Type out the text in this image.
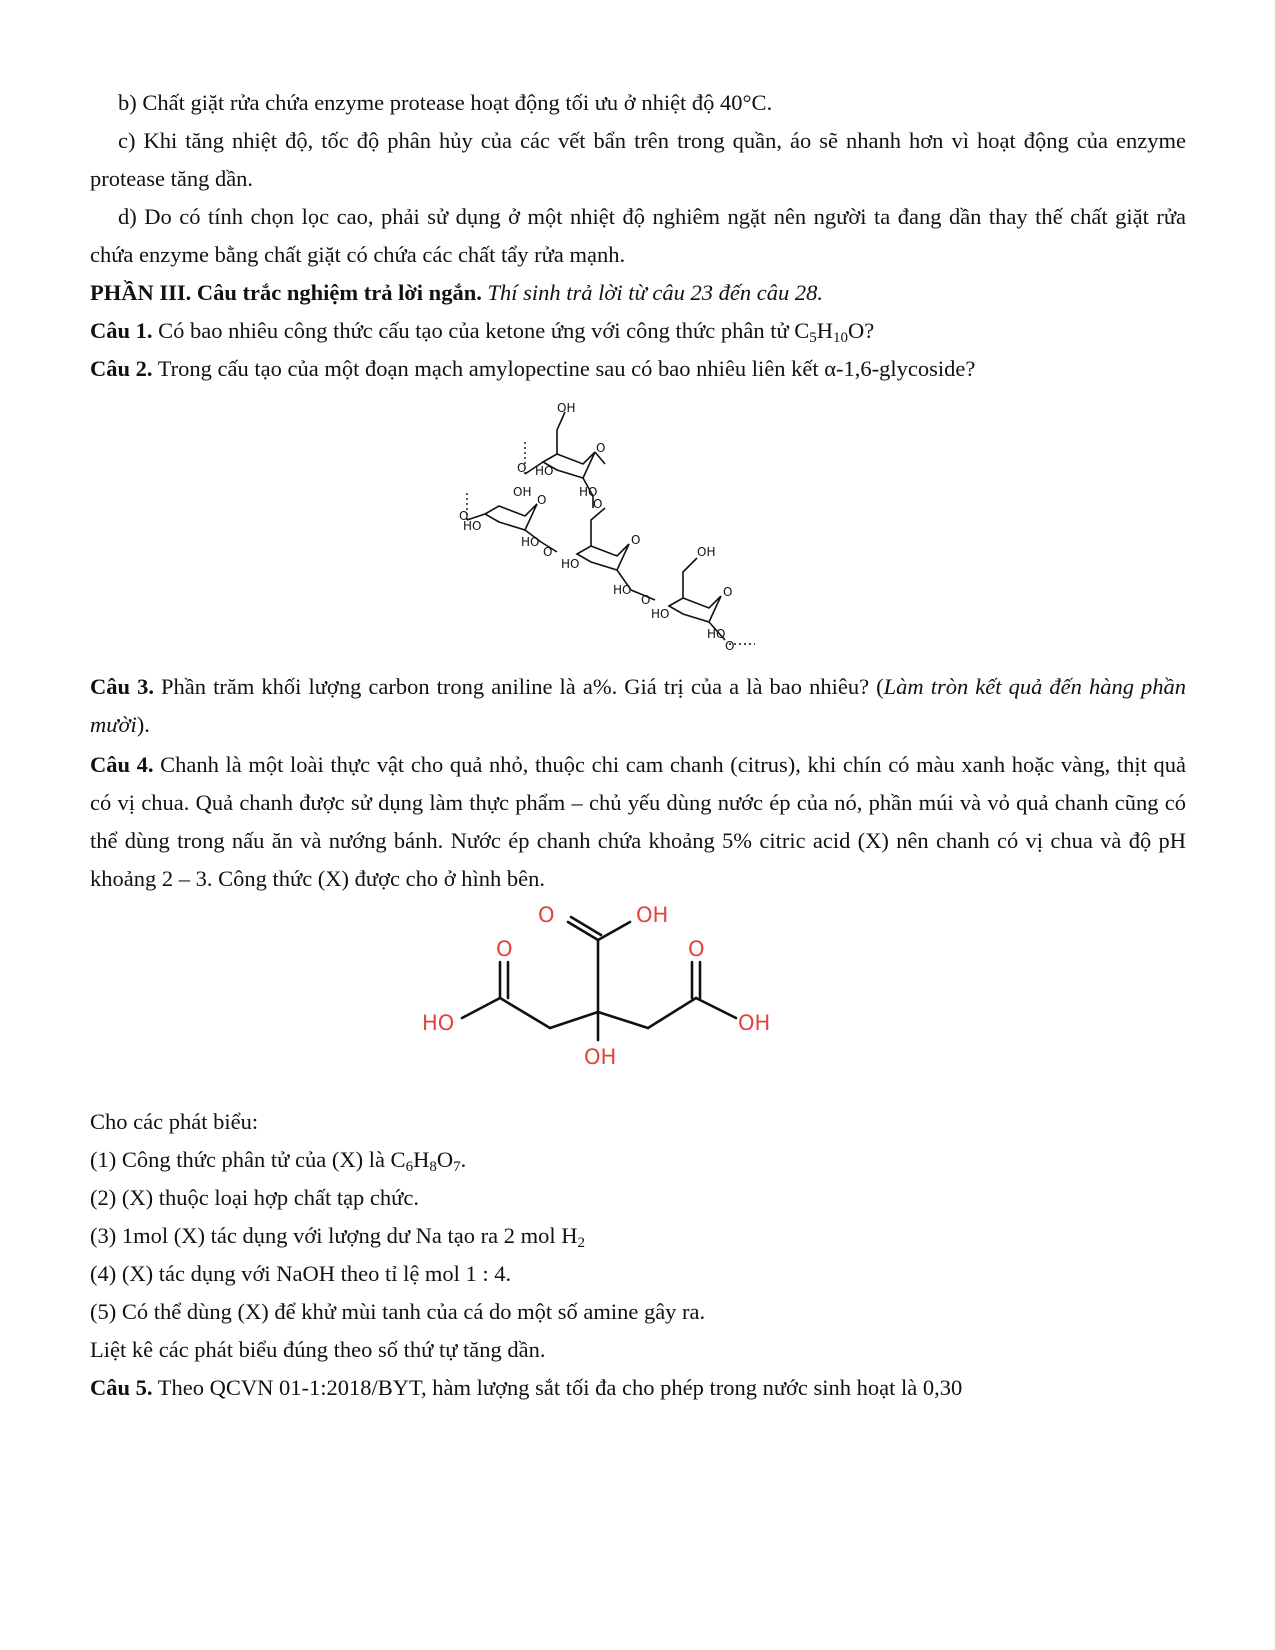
b) Chất giặt rửa chứa enzyme protease hoạt động tối ưu ở nhiệt độ 40°C.

c) Khi tăng nhiệt độ, tốc độ phân hủy của các vết bẩn trên trong quần, áo sẽ nhanh hơn vì hoạt động của enzyme protease tăng dần.

d) Do có tính chọn lọc cao, phải sử dụng ở một nhiệt độ nghiêm ngặt nên người ta đang dần thay thế chất giặt rửa chứa enzyme bằng chất giặt có chứa các chất tẩy rửa mạnh.

PHẦN III. Câu trắc nghiệm trả lời ngắn. Thí sinh trả lời từ câu 23 đến câu 28.

Câu 1. Có bao nhiêu công thức cấu tạo của ketone ứng với công thức phân tử $C_5H_{10}O$?

Câu 2. Trong cấu tạo của một đoạn mạch amylopectine sau có bao nhiêu liên kết α-1,6-glycoside?

OH
O
O
HO
OH	HO
O
O
O
HO
HO
O
O
HO
OH
HO
O
O
HO
HO
O

Câu 3. Phần trăm khối lượng carbon trong aniline là a%. Giá trị của a là bao nhiêu? (Làm tròn kết quả đến hàng phần mười).

Câu 4. Chanh là một loài thực vật cho quả nhỏ, thuộc chi cam chanh (citrus), khi chín có màu xanh hoặc vàng, thịt quả có vị chua. Quả chanh được sử dụng làm thực phẩm – chủ yếu dùng nước ép của nó, phần múi và vỏ quả chanh cũng có thể dùng trong nấu ăn và nướng bánh. Nước ép chanh chứa khoảng 5% citric acid (X) nên chanh có vị chua và độ pH khoảng 2 – 3. Công thức (X) được cho ở hình bên.

O	OH
O	O
HO	OH
OH

Cho các phát biểu:

(1) Công thức phân tử của (X) là $C_6H_8O_7$.

(2) (X) thuộc loại hợp chất tạp chức.

(3) 1mol (X) tác dụng với lượng dư Na tạo ra 2 mol $H_2$

(4) (X) tác dụng với NaOH theo tỉ lệ mol 1 : 4.

(5) Có thể dùng (X) để khử mùi tanh của cá do một số amine gây ra.

Liệt kê các phát biểu đúng theo số thứ tự tăng dần.

Câu 5. Theo QCVN 01-1:2018/BYT, hàm lượng sắt tối đa cho phép trong nước sinh hoạt là 0,30
